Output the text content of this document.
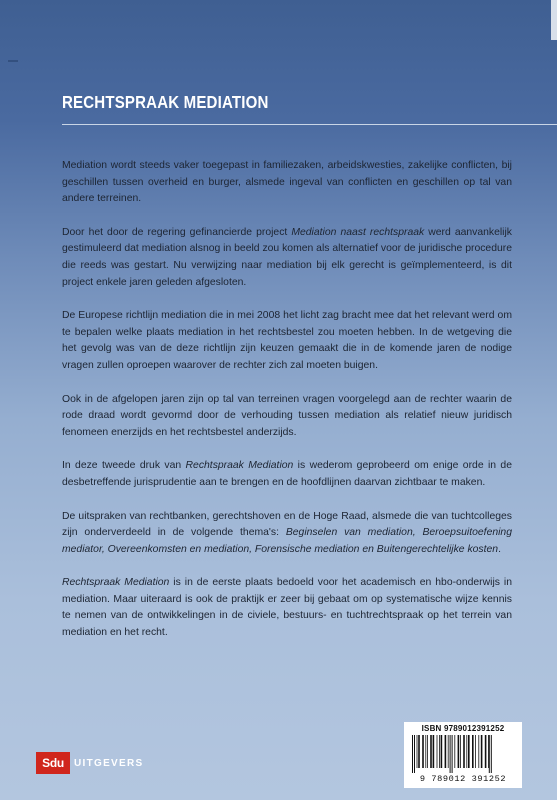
RECHTSPRAAK MEDIATION

Mediation wordt steeds vaker toegepast in familiezaken, arbeidskwesties, zakelijke conflicten, bij geschillen tussen overheid en burger, alsmede ingeval van conflicten en geschillen op tal van andere terreinen.

Door het door de regering gefinancierde project Mediation naast rechtspraak werd aanvankelijk gestimuleerd dat mediation alsnog in beeld zou komen als alternatief voor de juridische procedure die reeds was gestart. Nu verwijzing naar mediation bij elk gerecht is geïmplementeerd, is dit project enkele jaren geleden afgesloten.

De Europese richtlijn mediation die in mei 2008 het licht zag bracht mee dat het relevant werd om te bepalen welke plaats mediation in het rechtsbestel zou moeten hebben. In de wetgeving die het gevolg was van de deze richtlijn zijn keuzen gemaakt die in de komende jaren de nodige vragen zullen oproepen waarover de rechter zich zal moeten buigen.

Ook in de afgelopen jaren zijn op tal van terreinen vragen voorgelegd aan de rechter waarin de rode draad wordt gevormd door de verhouding tussen mediation als relatief nieuw juridisch fenomeen enerzijds en het rechtsbestel anderzijds.

In deze tweede druk van Rechtspraak Mediation is wederom geprobeerd om enige orde in de desbetreffende jurisprudentie aan te brengen en de hoofdlijnen daarvan zichtbaar te maken.

De uitspraken van rechtbanken, gerechtshoven en de Hoge Raad, alsmede die van tuchtcolleges zijn onderverdeeld in de volgende thema's: Beginselen van mediation, Beroepsuitoefening mediator, Overeenkomsten en mediation, Forensische mediation en Buitengerechtelijke kosten.

Rechtspraak Mediation is in de eerste plaats bedoeld voor het academisch en hbo-onderwijs in mediation. Maar uiteraard is ook de praktijk er zeer bij gebaat om op systematische wijze kennis te nemen van de ontwikkelingen in de civiele, bestuurs- en tuchtrechtspraak op het terrein van mediation en het recht.

Sdu	UITGEVERS
ISBN 9789012391252
9 789012 391252
